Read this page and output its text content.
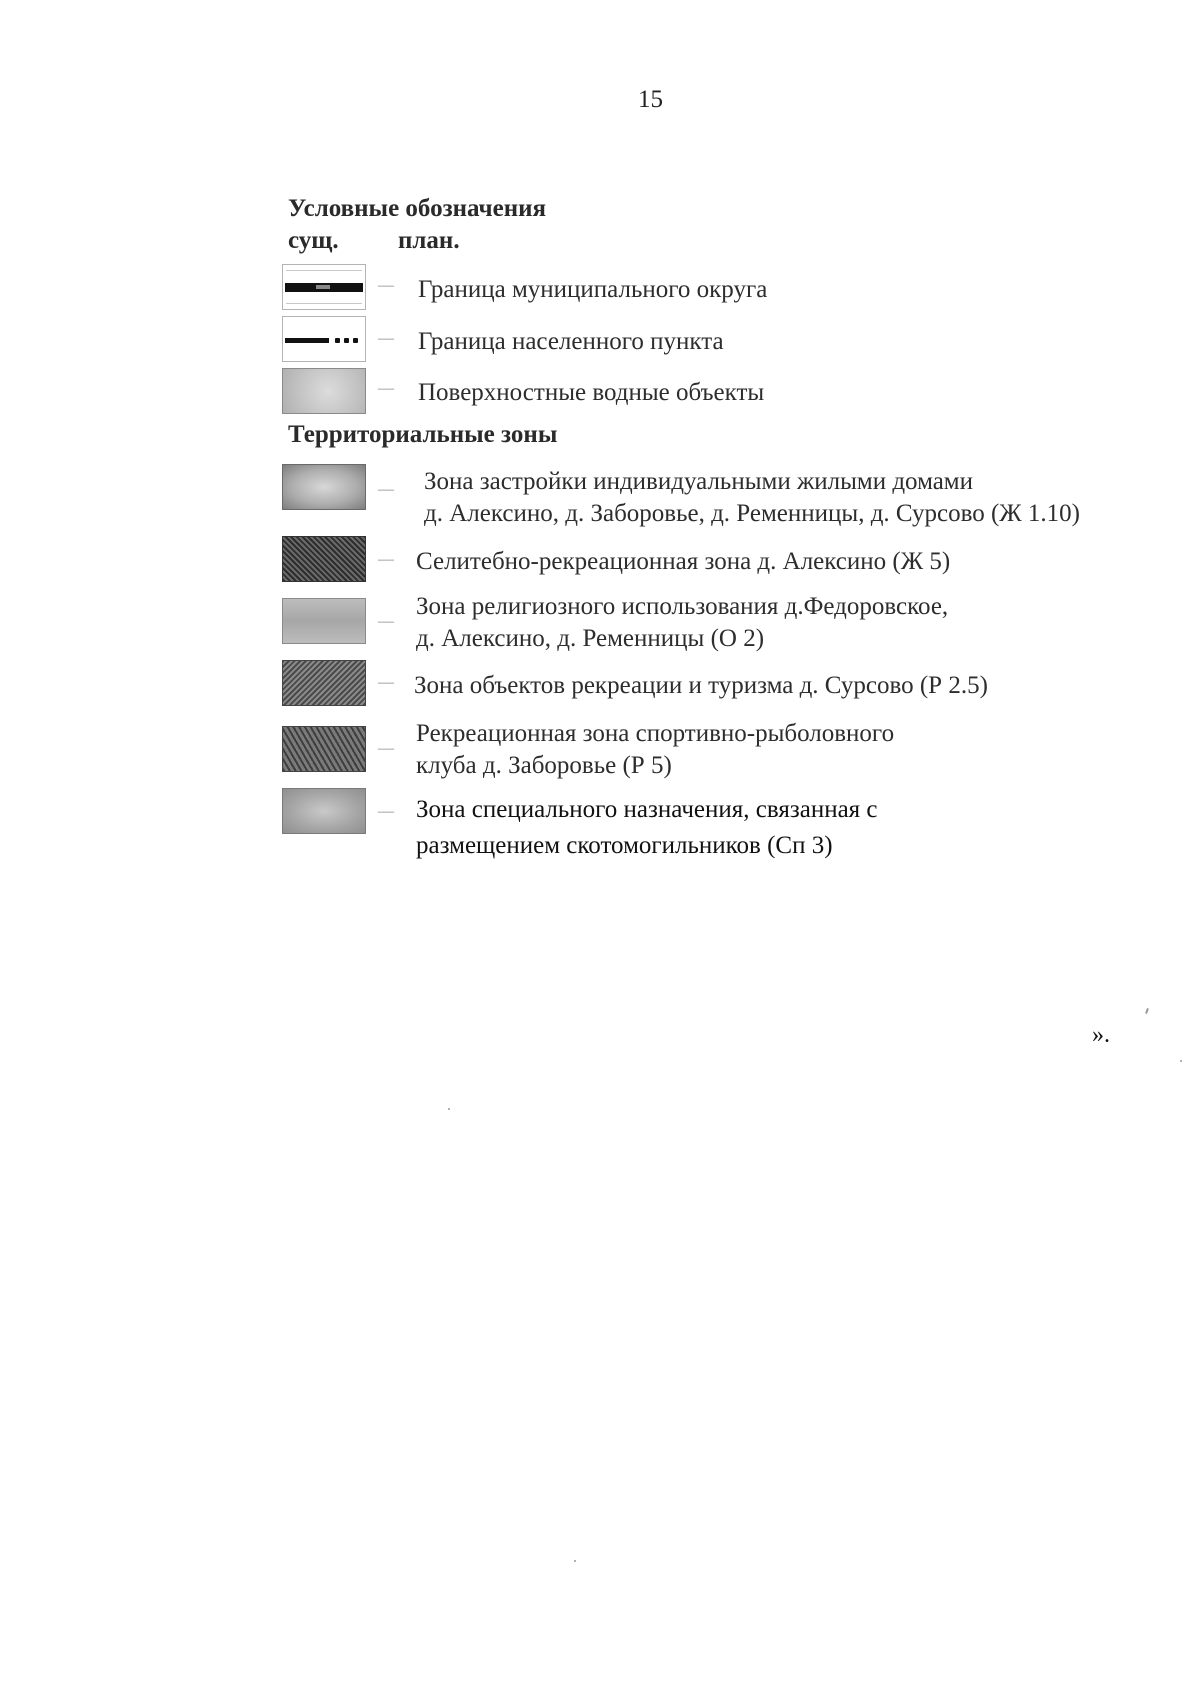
15
Условные обозначения
сущ. план.
— Граница муниципального округа
— Граница населенного пункта
— Поверхностные водные объекты
Территориальные зоны
— Зона застройки индивидуальными жилыми домами
д. Алексино, д. Заборовье, д. Ременницы, д. Сурсово (Ж 1.10)
— Селитебно-рекреационная зона д. Алексино (Ж 5)
—
Зона религиозного использования д.Федоровское,
д. Алексино, д. Ременницы (О 2)
— Зона объектов рекреации и туризма д. Сурсово (Р 2.5)
—
Рекреационная зона спортивно-рыболовного
клуба д. Заборовье (Р 5)
— Зона специального назначения, связанная с
размещением скотомогильников (Сп 3)
».
